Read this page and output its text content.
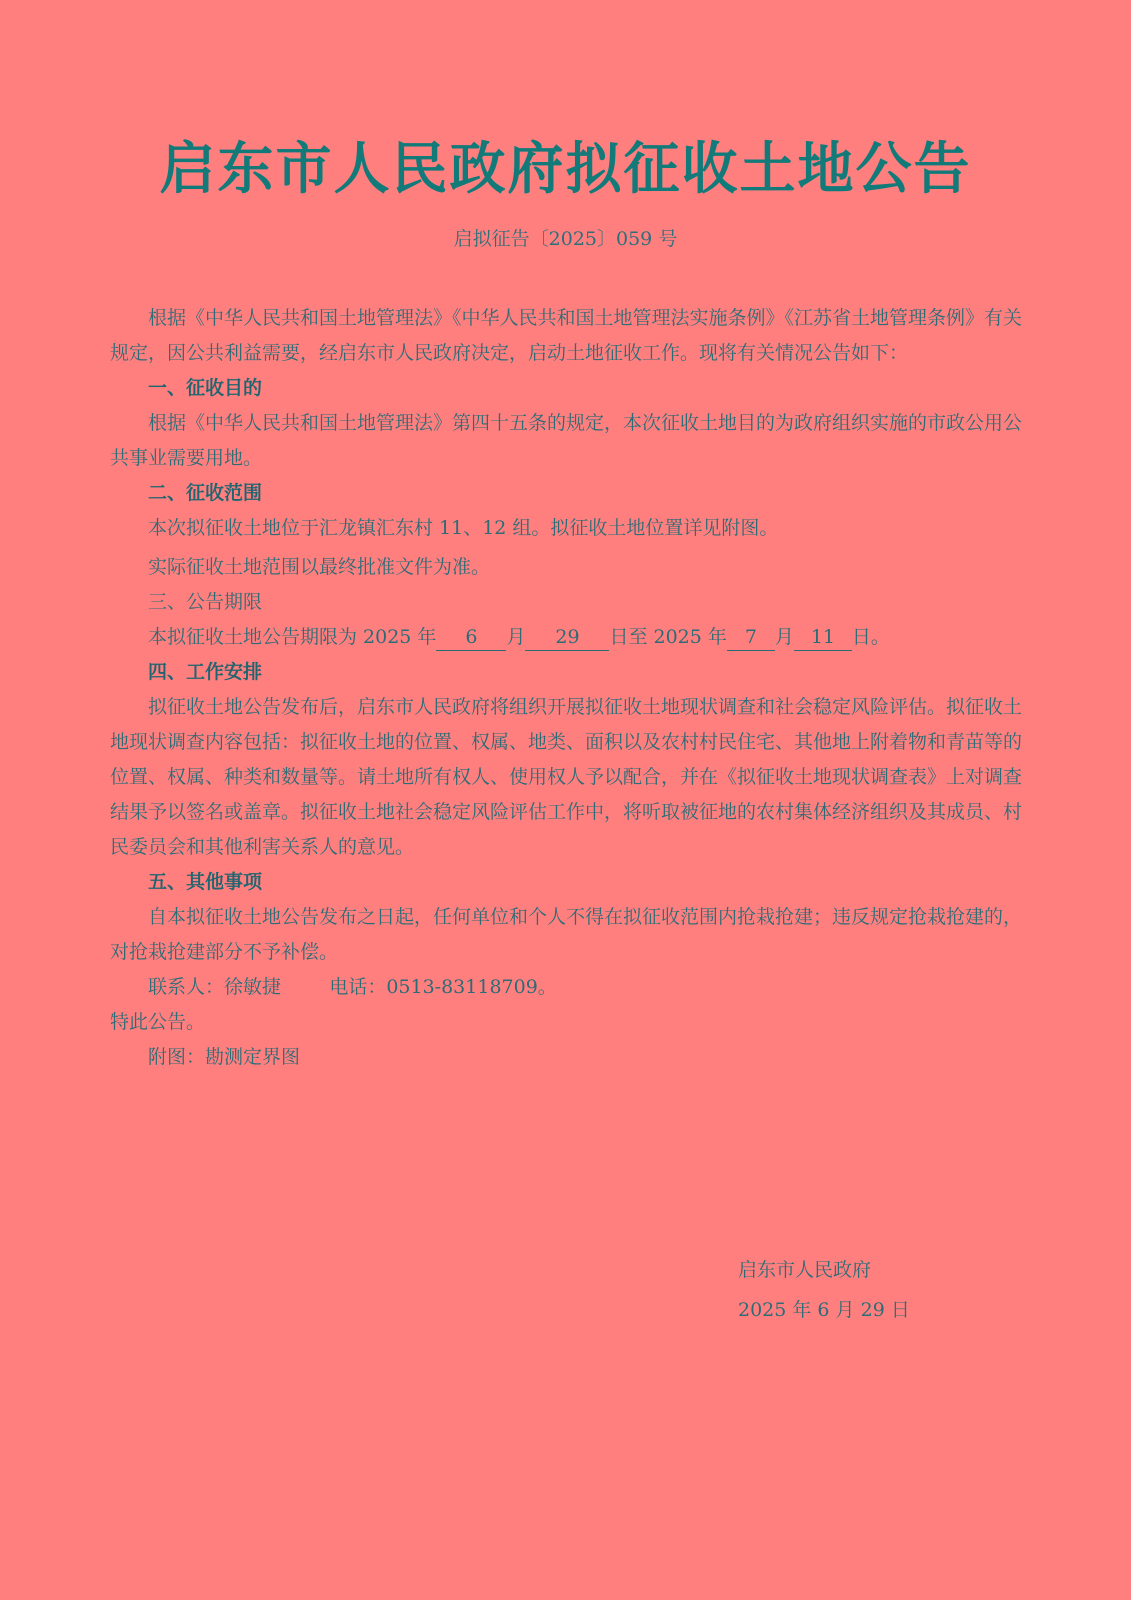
启东市人民政府拟征收土地公告
启拟征告〔2025〕059 号

根据《中华人民共和国土地管理法》《中华人民共和国土地管理法实施条例》《江苏省土地管理条例》有关规定，因公共利益需要，经启东市人民政府决定，启动土地征收工作。现将有关情况公告如下：

一、征收目的

根据《中华人民共和国土地管理法》第四十五条的规定，本次征收土地目的为政府组织实施的市政公用公共事业需要用地。

二、征收范围

本次拟征收土地位于汇龙镇汇东村 11、12 组。拟征收土地位置详见附图。

实际征收土地范围以最终批准文件为准。

三、公告期限

本拟征收土地公告期限为 2025 年 6 月 29 日至 2025 年 7 月 11 日。

四、工作安排

拟征收土地公告发布后，启东市人民政府将组织开展拟征收土地现状调查和社会稳定风险评估。拟征收土地现状调查内容包括：拟征收土地的位置、权属、地类、面积以及农村村民住宅、其他地上附着物和青苗等的位置、权属、种类和数量等。请土地所有权人、使用权人予以配合，并在《拟征收土地现状调查表》上对调查结果予以签名或盖章。拟征收土地社会稳定风险评估工作中，将听取被征地的农村集体经济组织及其成员、村民委员会和其他利害关系人的意见。

五、其他事项

自本拟征收土地公告发布之日起，任何单位和个人不得在拟征收范围内抢栽抢建；违反规定抢栽抢建的，对抢栽抢建部分不予补偿。

联系人：徐敏捷        电话：0513-83118709。

特此公告。

附图：勘测定界图

启东市人民政府
2025 年 6 月 29 日
